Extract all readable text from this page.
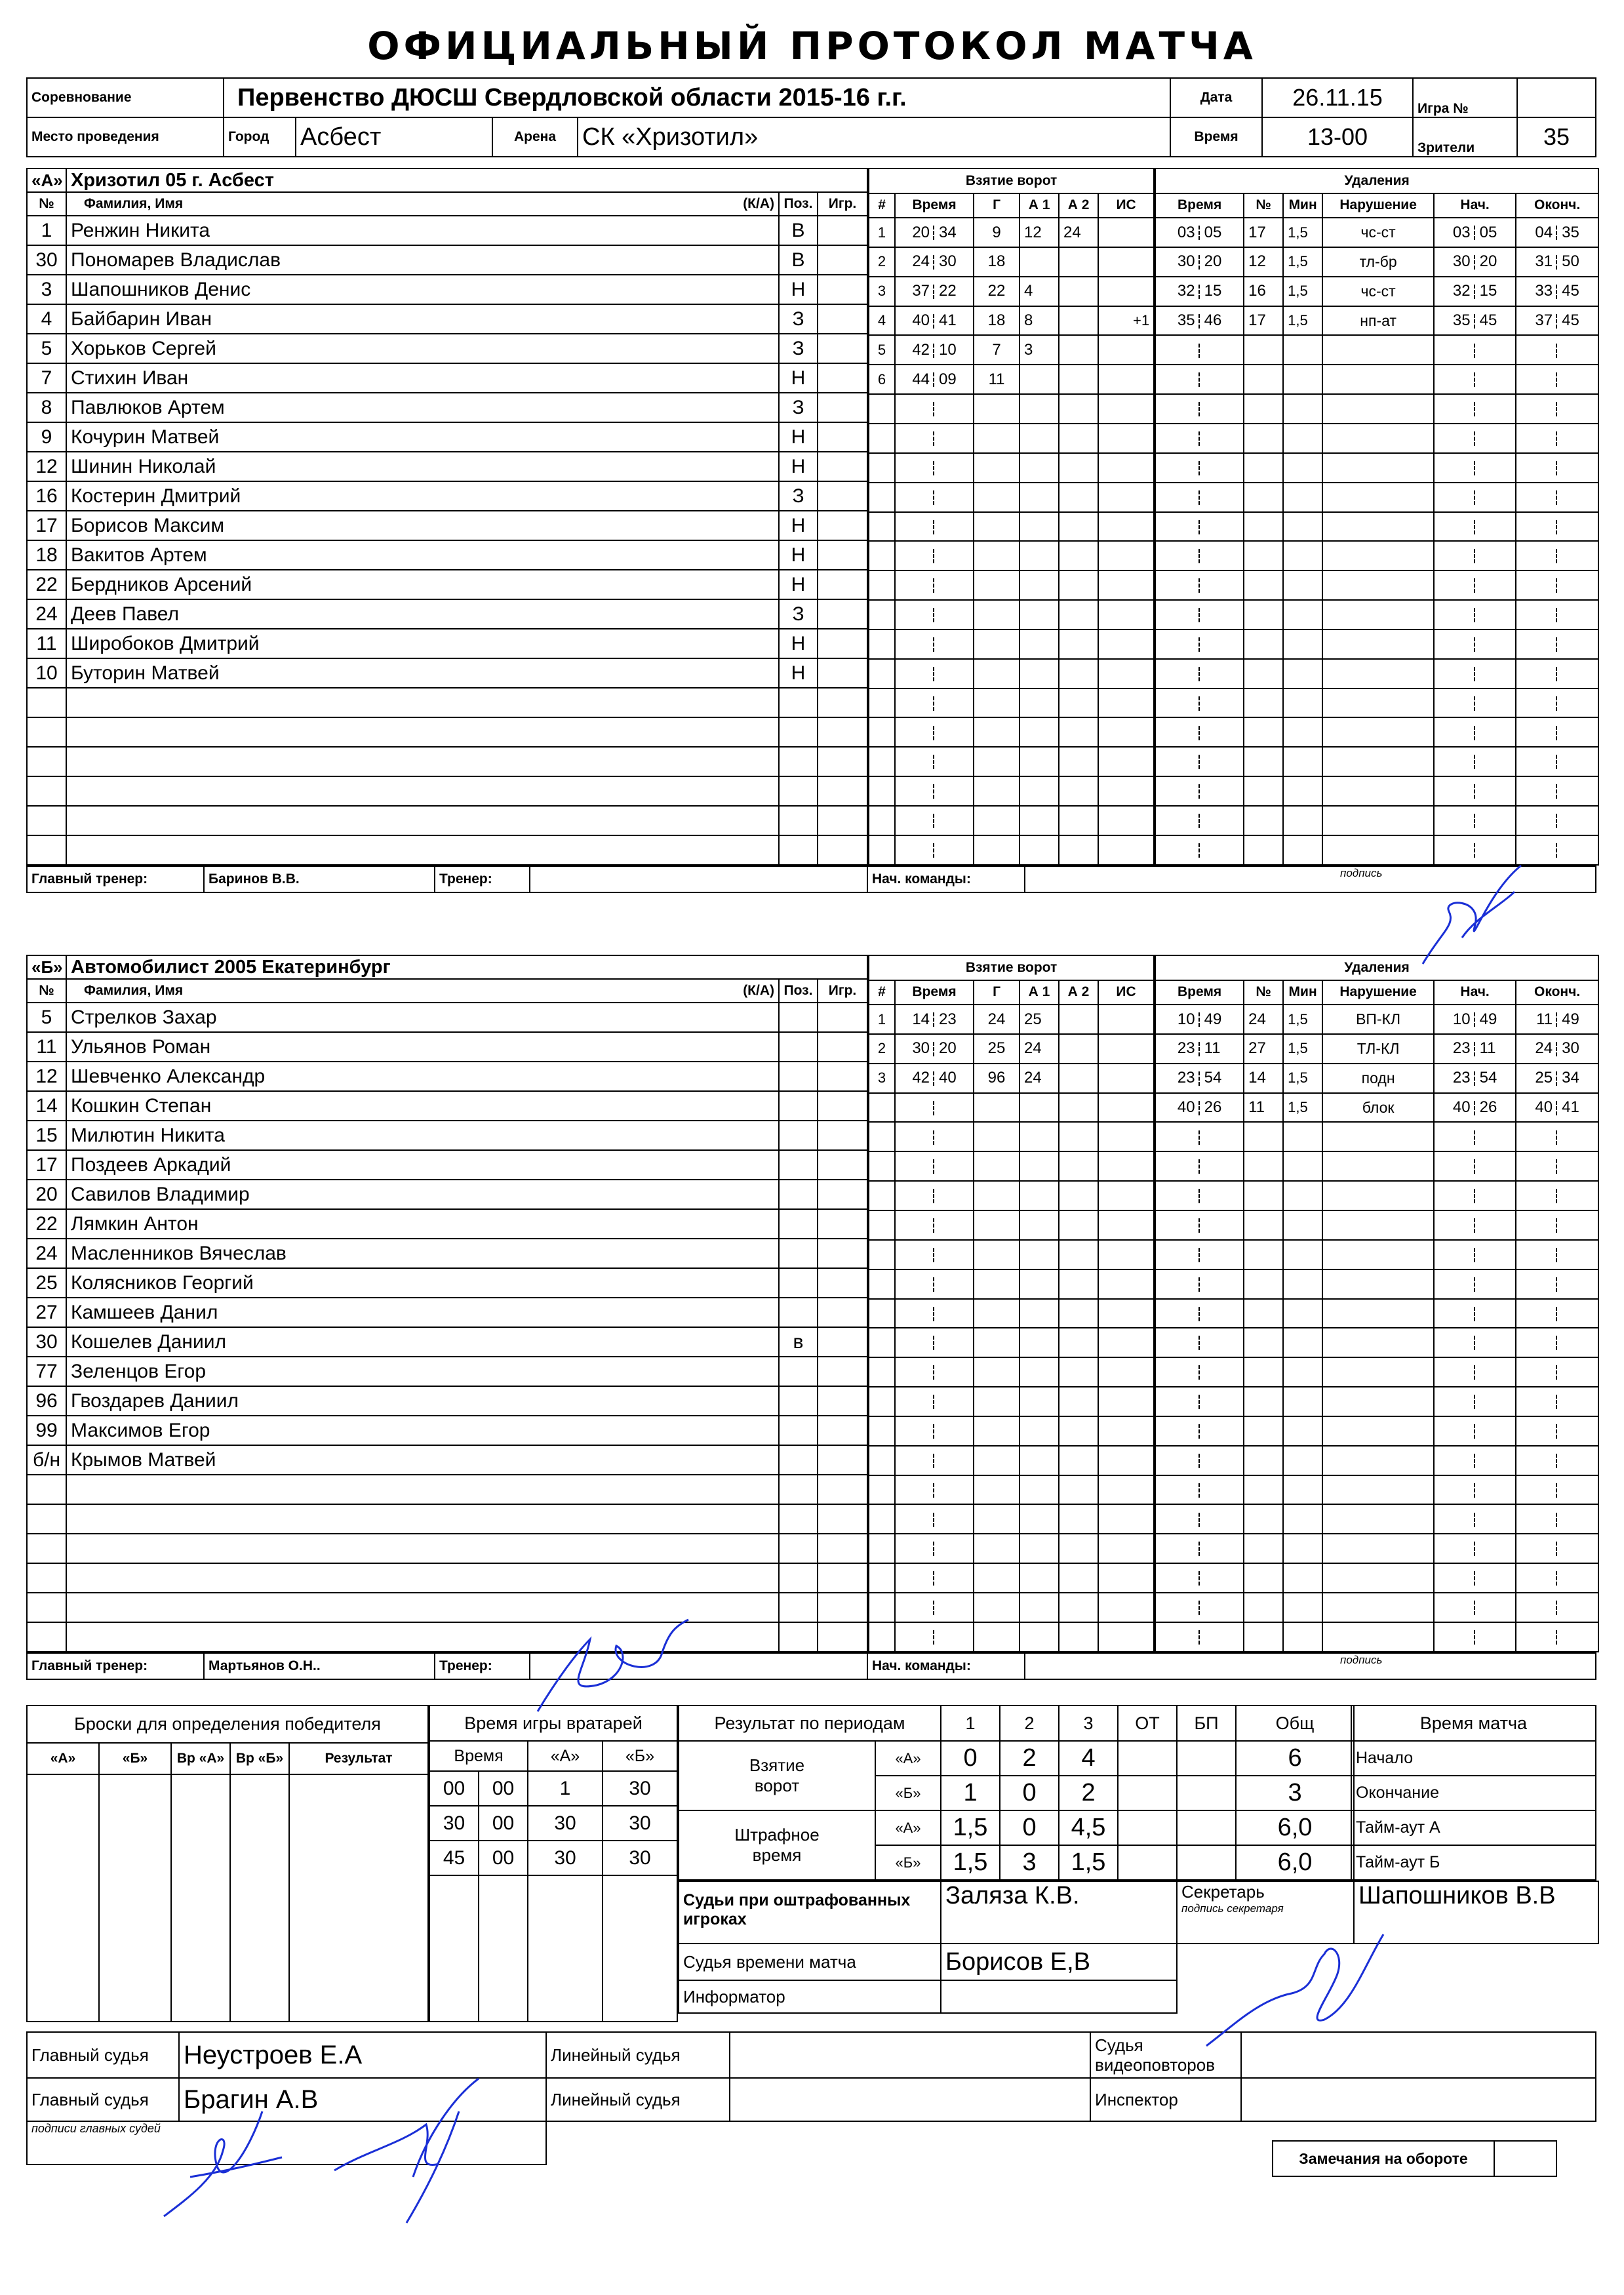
ОФИЦИАЛЬНЫЙ ПРОТОКОЛ МАТЧА
Соревнование	Первенство ДЮСШ Свердловской области 2015-16 г.г.				Дата	26.11.15	Игра №	
Место проведения	Город	Асбест	Арена	СК «Хризотил»	Время	13-00	Зрители	35
«А»	Хризотил 05 г. Асбест		
№	Фамилия, Имя (К/А)	Поз.	Игр.
1	Ренжин Никита	В	
30	Пономарев Владислав	В	
3	Шапошников Денис	Н	
4	Байбарин Иван	З	
5	Хорьков Сергей	З	
7	Стихин Иван	Н	
8	Павлюков Артем	З	
9	Кочурин Матвей	Н	
12	Шинин Николай	Н	
16	Костерин Дмитрий	З	
17	Борисов Максим	Н	
18	Вакитов Артем	Н	
22	Бердников Арсений	Н	
24	Деев Павел	З	
11	Широбоков Дмитрий	Н	
10	Буторин Матвей	Н	

Взятие ворот					
#	Время	Г	А 1	А 2	ИС
1	20 34	9	12	24	
2	24 30	18			
3	37 22	22	4		
4	40 41	18	8		+1
5	42 10	7	3		
6	44 09	11			

Удаления					
Время	№	Мин	Нарушение	Нач.	Оконч.
03 05	17	1,5	чс-ст	03 05	04 35
30 20	12	1,5	тл-бр	30 20	31 50
32 15	16	1,5	чс-ст	32 15	33 45
35 46	17	1,5	нп-ат	35 45	37 45

Главный тренер:	Баринов В.В.	Тренер:		Нач. команды:	подпись
«Б»	Автомобилист 2005 Екатеринбург		
№	Фамилия, Имя (К/А)	Поз.	Игр.
5	Стрелков Захар		
11	Ульянов Роман		
12	Шевченко Александр		
14	Кошкин Степан		
15	Милютин Никита		
17	Поздеев Аркадий		
20	Савилов Владимир		
22	Лямкин Антон		
24	Масленников Вячеслав		
25	Колясников Георгий		
27	Камшеев Данил		
30	Кошелев Даниил	в	
77	Зеленцов Егор		
96	Гвоздарев Даниил		
99	Максимов Егор		
б/н	Крымов Матвей		

Взятие ворот					
#	Время	Г	А 1	А 2	ИС
1	14 23	24	25		
2	30 20	25	24		
3	42 40	96	24		

Удаления					
Время	№	Мин	Нарушение	Нач.	Оконч.
10 49	24	1,5	ВП-КЛ	10 49	11 49
23 11	27	1,5	ТЛ-КЛ	23 11	24 30
23 54	14	1,5	подн	23 54	25 34
40 26	11	1,5	блок	40 26	40 41

Главный тренер:	Мартьянов О.Н..	Тренер:		Нач. команды:	подпись
Броски для определения победителя				
«А»	«Б»	Вр «А»	Вр «Б»	Результат

Время игры вратарей			
Время		«А»	«Б»
00	00	1	30
30	00	30	30
45	00	30	30

Результат по периодам		1	2	3	ОТ	БП	Общ
Взятие ворот	«А»	0	2	4			6
	«Б»	1	0	2			3
Штрафное время	«А»	1,5	0	4,5			6,0
	«Б»	1,5	3	1,5			6,0
Судьи при оштрафованных игроках	Заляза К.В.	Секретарь
подпись секретаря	Шапошников В.В
Судья времени матча	Борисов Е,В		
Информатор			
Время матча
Начало
Окончание
Тайм-аут А
Тайм-аут Б
Главный судья	Неустроев Е.А	Линейный судья		Судья видеоповторов	
Главный судья	Брагин А.В	Линейный судья		Инспектор	
подписи главных судей					
Замечания на обороте	
